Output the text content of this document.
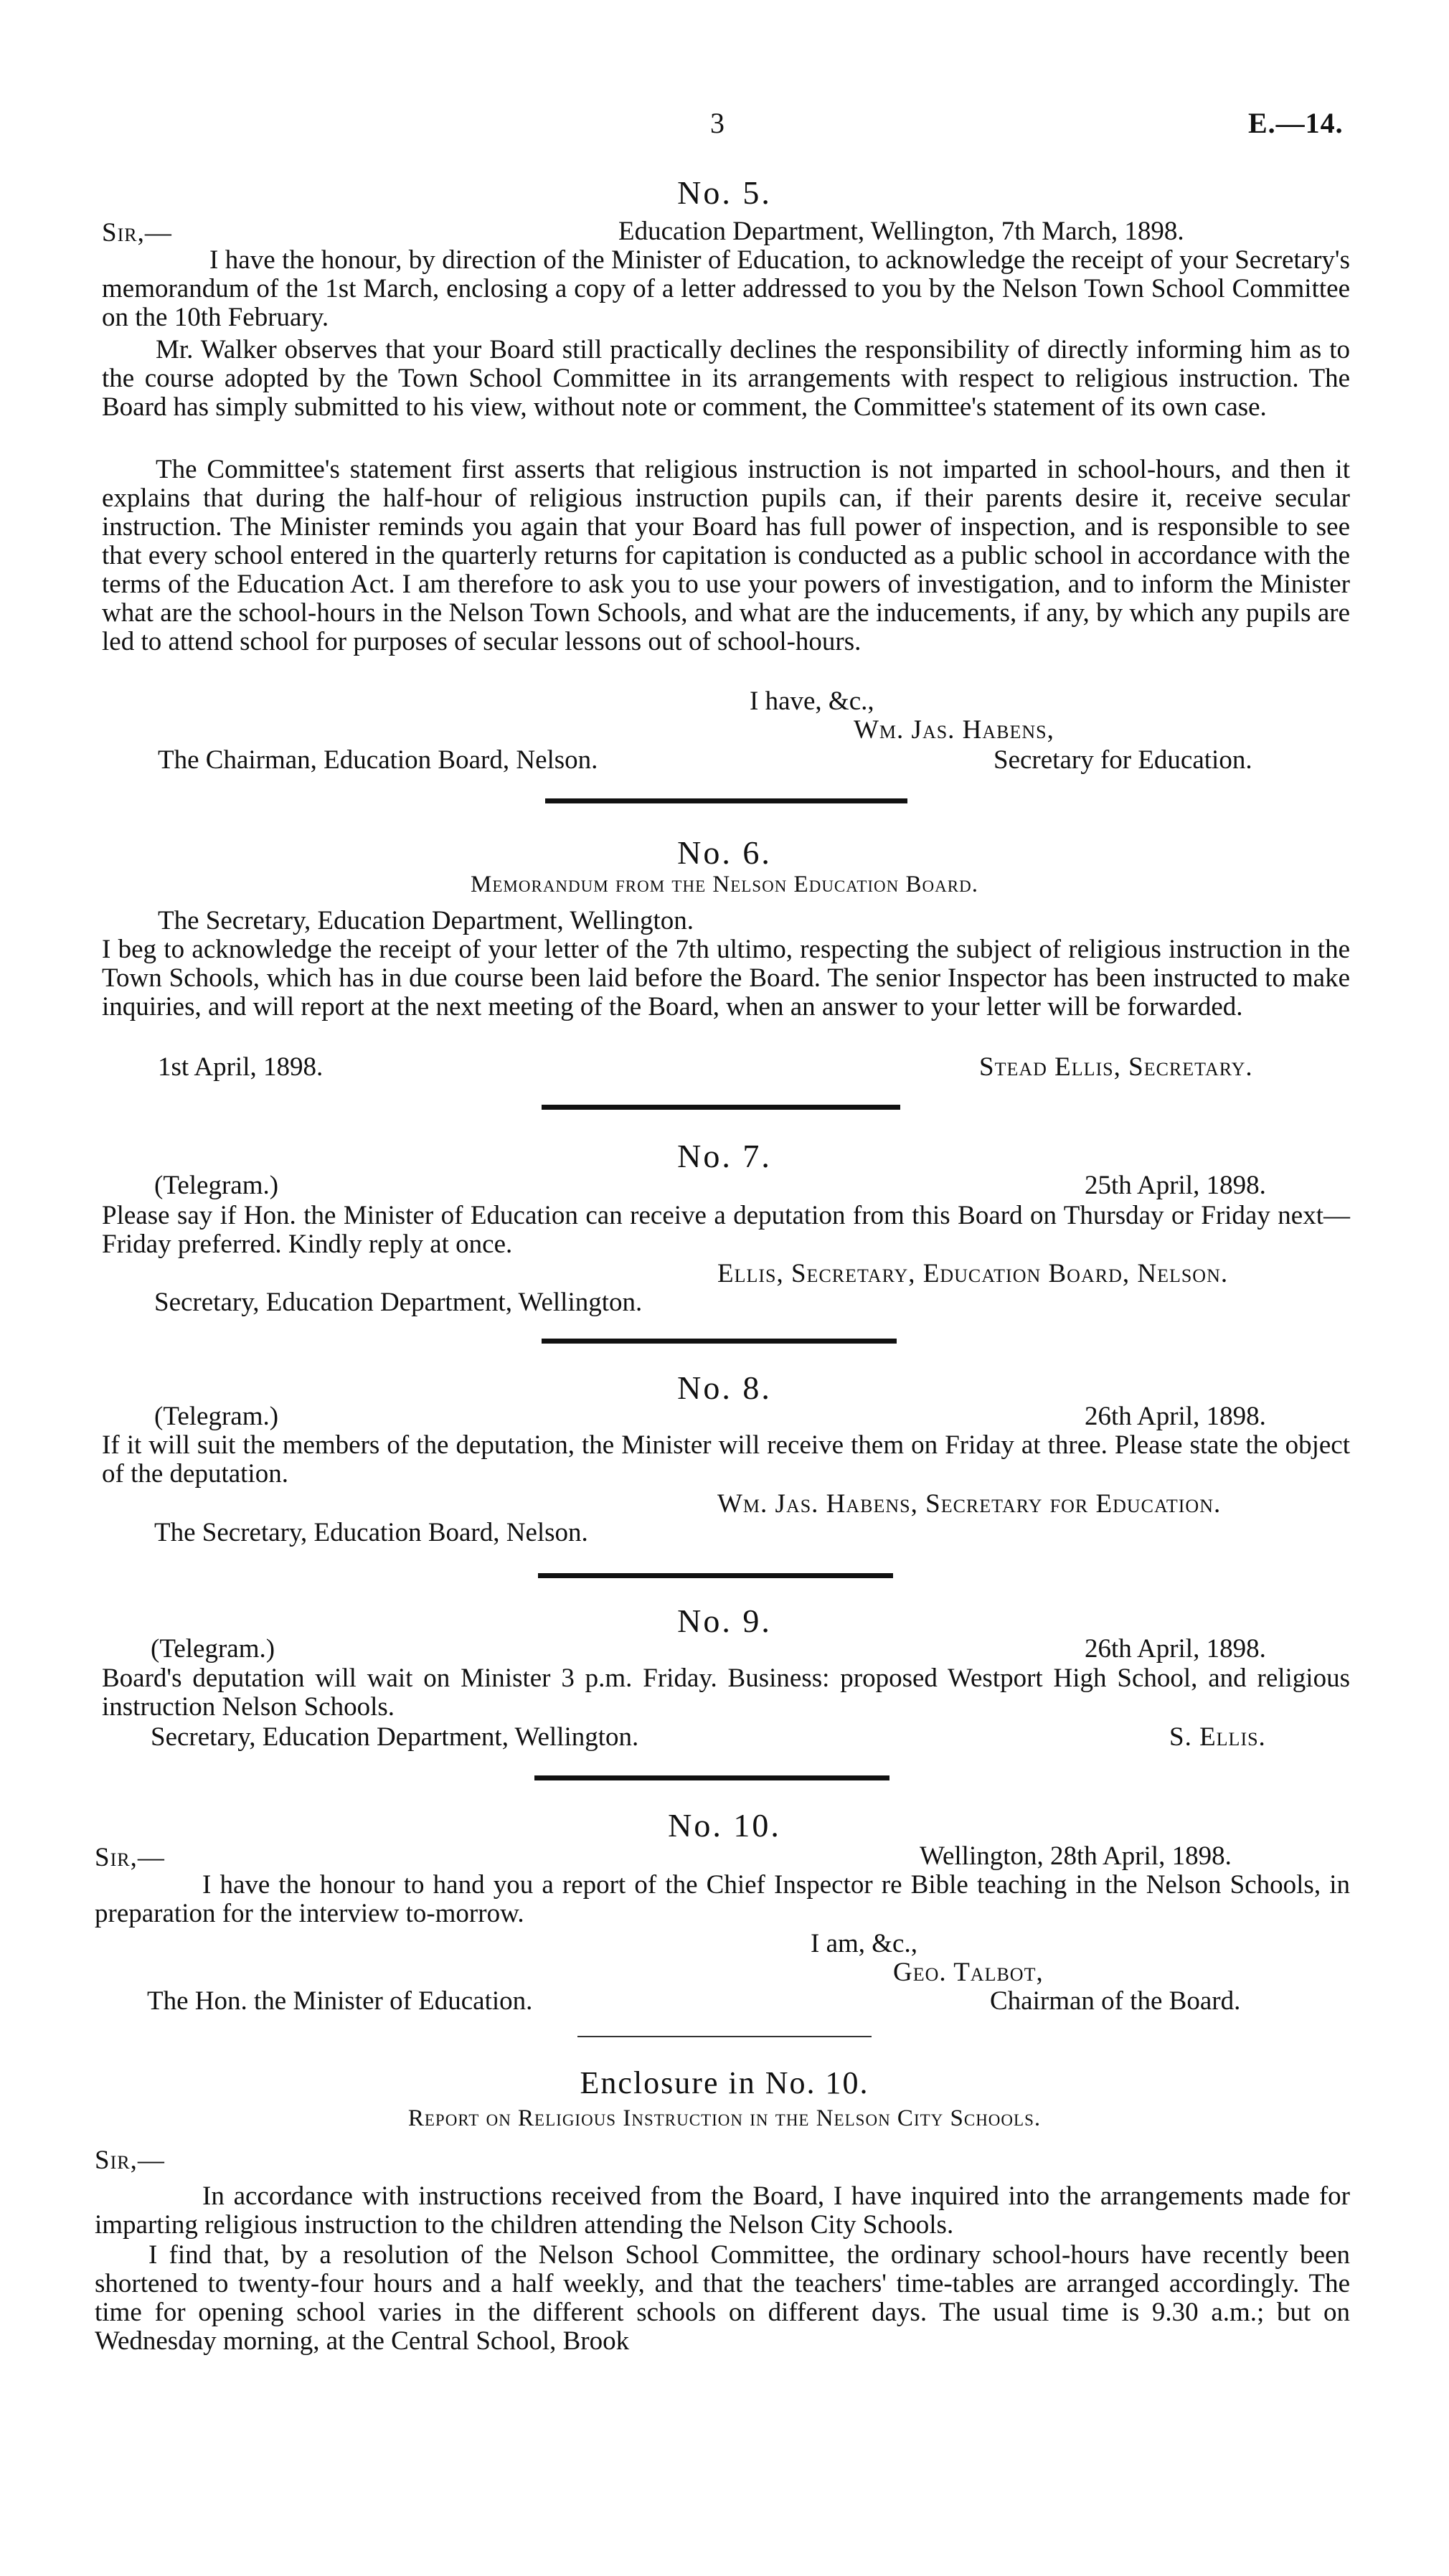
3	E.—14.
No. 5.
Sir,—	Education Department, Wellington, 7th March, 1898.
I have the honour, by direction of the Minister of Education, to acknowledge the receipt of your Secretary's memorandum of the 1st March, enclosing a copy of a letter addressed to you by the Nelson Town School Committee on the 10th February.
Mr. Walker observes that your Board still practically declines the responsibility of directly informing him as to the course adopted by the Town School Committee in its arrangements with respect to religious instruction. The Board has simply submitted to his view, without note or comment, the Committee's statement of its own case.
The Committee's statement first asserts that religious instruction is not imparted in school-hours, and then it explains that during the half-hour of religious instruction pupils can, if their parents desire it, receive secular instruction. The Minister reminds you again that your Board has full power of inspection, and is responsible to see that every school entered in the quarterly returns for capitation is conducted as a public school in accordance with the terms of the Education Act. I am therefore to ask you to use your powers of investigation, and to inform the Minister what are the school-hours in the Nelson Town Schools, and what are the inducements, if any, by which any pupils are led to attend school for purposes of secular lessons out of school-hours.
I have, &c.,
Wm. Jas. Habens,
The Chairman, Education Board, Nelson.	Secretary for Education.
No. 6.
Memorandum from the Nelson Education Board.
The Secretary, Education Department, Wellington.
I beg to acknowledge the receipt of your letter of the 7th ultimo, respecting the subject of religious instruction in the Town Schools, which has in due course been laid before the Board. The senior Inspector has been instructed to make inquiries, and will report at the next meeting of the Board, when an answer to your letter will be forwarded.
1st April, 1898.	Stead Ellis, Secretary.
No. 7.
(Telegram.)	25th April, 1898.
Please say if Hon. the Minister of Education can receive a deputation from this Board on Thursday or Friday next—Friday preferred. Kindly reply at once.
Ellis, Secretary, Education Board, Nelson.
Secretary, Education Department, Wellington.
No. 8.
(Telegram.)	26th April, 1898.
If it will suit the members of the deputation, the Minister will receive them on Friday at three. Please state the object of the deputation.
Wm. Jas. Habens, Secretary for Education.
The Secretary, Education Board, Nelson.
No. 9.
(Telegram.)	26th April, 1898.
Board's deputation will wait on Minister 3 p.m. Friday. Business: proposed Westport High School, and religious instruction Nelson Schools.
Secretary, Education Department, Wellington.	S. Ellis.
No. 10.
Sir,—	Wellington, 28th April, 1898.
I have the honour to hand you a report of the Chief Inspector re Bible teaching in the Nelson Schools, in preparation for the interview to-morrow.
I am, &c.,
Geo. Talbot,
The Hon. the Minister of Education.	Chairman of the Board.
Enclosure in No. 10.
Report on Religious Instruction in the Nelson City Schools.
Sir,—
In accordance with instructions received from the Board, I have inquired into the arrangements made for imparting religious instruction to the children attending the Nelson City Schools.
I find that, by a resolution of the Nelson School Committee, the ordinary school-hours have recently been shortened to twenty-four hours and a half weekly, and that the teachers' time-tables are arranged accordingly. The time for opening school varies in the different schools on different days. The usual time is 9.30 a.m.; but on Wednesday morning, at the Central School, Brook
